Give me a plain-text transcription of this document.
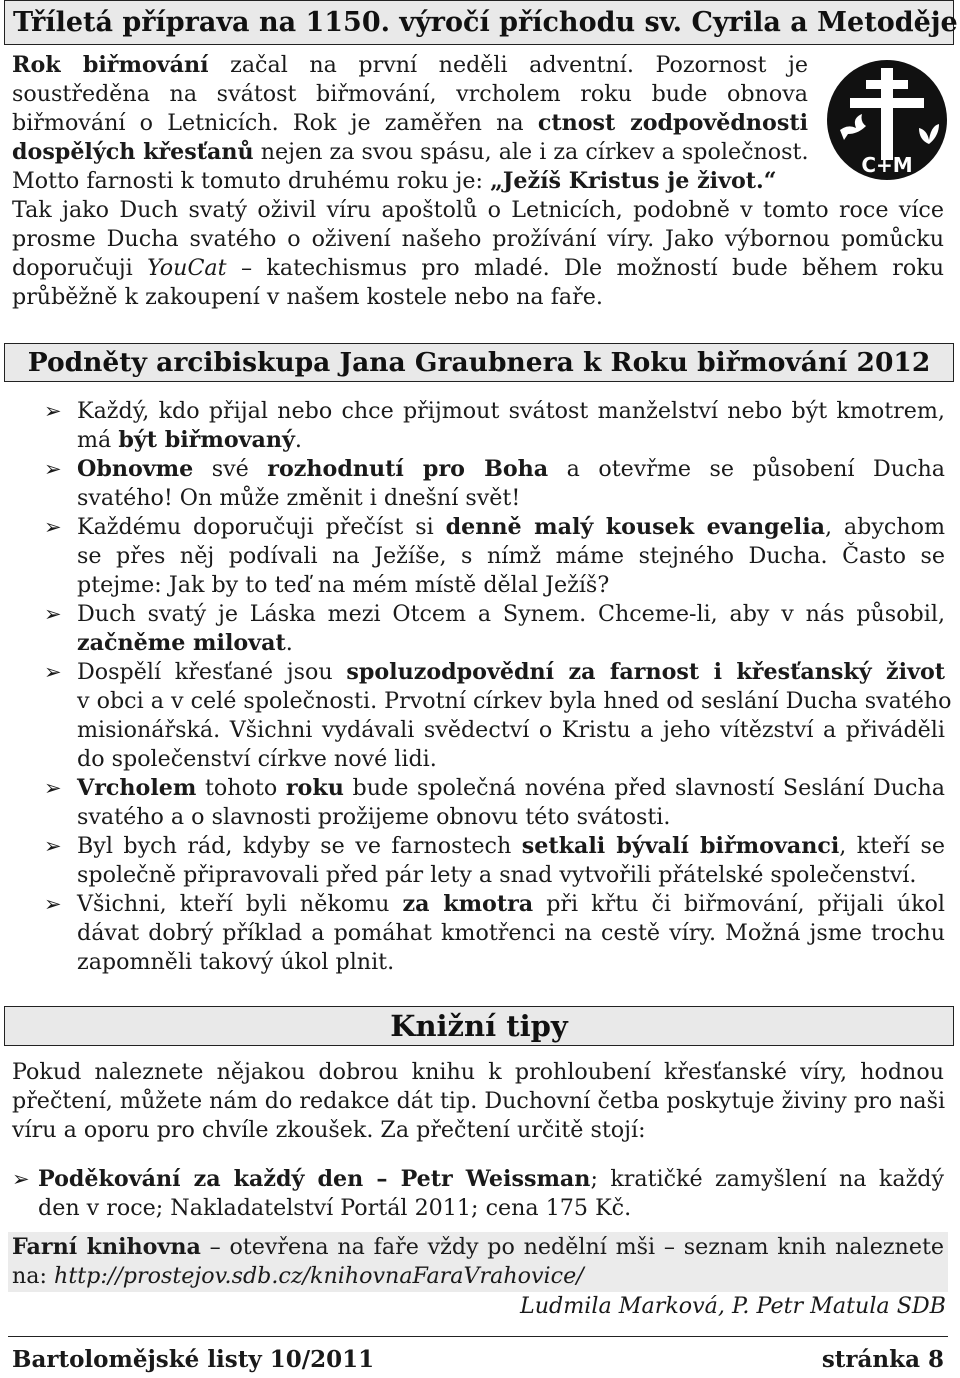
Tříletá příprava na 1150. výročí příchodu sv. Cyrila a Metoděje
Rok biřmování začal na první neděli adventní. Pozornost je
soustředěna na svátost biřmování, vrcholem roku bude obnova
biřmování o Letnicích. Rok je zaměřen na ctnost zodpovědnosti
dospělých křesťanů nejen za svou spásu, ale i za církev a společnost.
Motto farnosti k tomuto druhému roku je: „Ježíš Kristus je život.“
C+M
Tak jako Duch svatý oživil víru apoštolů o Letnicích, podobně v tomto roce více
prosme Ducha svatého o oživení našeho prožívání víry. Jako výbornou pomůcku
doporučuji YouCat – katechismus pro mladé. Dle možností bude během roku
průběžně k zakoupení v našem kostele nebo na faře.
Podněty arcibiskupa Jana Graubnera k Roku biřmování 2012
➢ Každý, kdo přijal nebo chce přijmout svátost manželství nebo být kmotrem,
má být biřmovaný.
➢ Obnovme své rozhodnutí pro Boha a otevřme se působení Ducha
svatého! On může změnit i dnešní svět!
➢ Každému doporučuji přečíst si denně malý kousek evangelia, abychom
se přes něj podívali na Ježíše, s nímž máme stejného Ducha. Často se
ptejme: Jak by to teď na mém místě dělal Ježíš?
➢ Duch svatý je Láska mezi Otcem a Synem. Chceme-li, aby v nás působil,
začněme milovat.
➢ Dospělí křesťané jsou spoluzodpovědní za farnost i křesťanský život
v obci a v celé společnosti. Prvotní církev byla hned od seslání Ducha svatého
misionářská. Všichni vydávali svědectví o Kristu a jeho vítězství a přiváděli
do společenství církve nové lidi.
➢ Vrcholem tohoto roku bude společná novéna před slavností Seslání Ducha
svatého a o slavnosti prožijeme obnovu této svátosti.
➢ Byl bych rád, kdyby se ve farnostech setkali bývalí biřmovanci, kteří se
společně připravovali před pár lety a snad vytvořili přátelské společenství.
➢ Všichni, kteří byli někomu za kmotra při křtu či biřmování, přijali úkol
dávat dobrý příklad a pomáhat kmotřenci na cestě víry. Možná jsme trochu
zapomněli takový úkol plnit.
Knižní tipy
Pokud naleznete nějakou dobrou knihu k prohloubení křesťanské víry, hodnou
přečtení, můžete nám do redakce dát tip. Duchovní četba poskytuje živiny pro naši
víru a oporu pro chvíle zkoušek. Za přečtení určitě stojí:
➢ Poděkování za každý den – Petr Weissman; kratičké zamyšlení na každý
den v roce; Nakladatelství Portál 2011; cena 175 Kč.
Farní knihovna – otevřena na faře vždy po nedělní mši – seznam knih naleznete
na: http://prostejov.sdb.cz/knihovnaFaraVrahovice/
Ludmila Marková, P. Petr Matula SDB
Bartolomějské listy 10/2011	stránka 8
